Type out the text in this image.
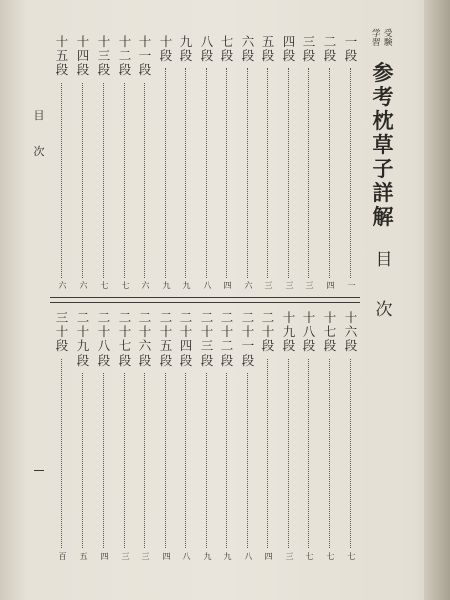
受
験
学
習
参
考
枕
草
子
詳
解
目

次
目

次
一
段
一
二
段
四
三
段
三
四
段
三
五
段
三
六
段
六
七
段
四
八
段
八
九
段
九
十
段
九
十
一
段
六
十
二
段
七
十
三
段
七
十
四
段
六
十
五
段
六
十
六
段
七
十
七
段
七
十
八
段
七
十
九
段
三
二
十
段
四
二
十
一
段
八
二
十
二
段
九
二
十
三
段
九
二
十
四
段
八
二
十
五
段
四
二
十
六
段
三
二
十
七
段
三
二
十
八
段
四
二
十
九
段
五
三
十
段
百
